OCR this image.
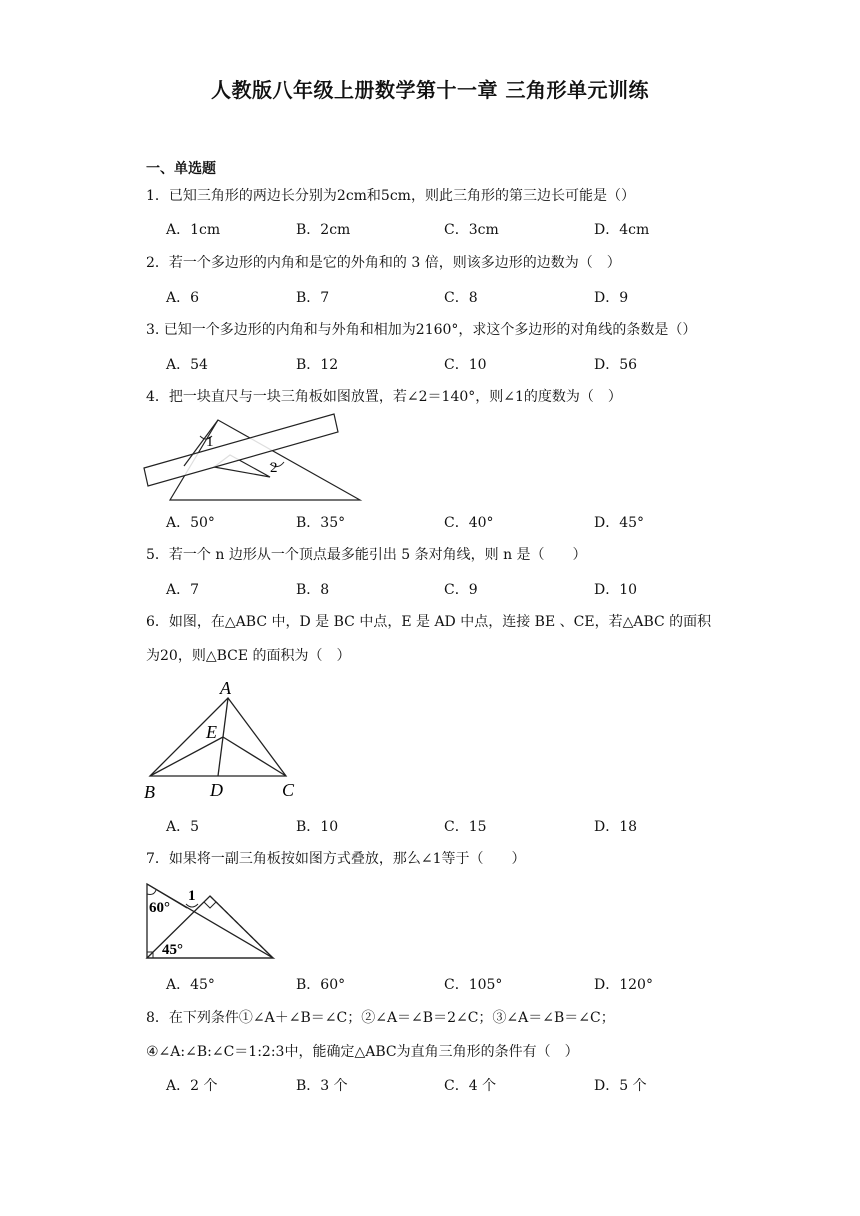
人教版八年级上册数学第十一章 三角形单元训练
一、单选题
1．已知三角形的两边长分别为2cm和5cm，则此三角形的第三边长可能是（）
A．1cm	B．2cm	C．3cm	D．4cm
2．若一个多边形的内角和是它的外角和的 3 倍，则该多边形的边数为（　）
A．6	B．7	C．8	D．9
3. 已知一个多边形的内角和与外角和相加为2160°，求这个多边形的对角线的条数是（）
A．54	B．12	C．10	D．56
4．把一块直尺与一块三角板如图放置，若∠2＝140°，则∠1的度数为（　）
1
2
A．50°	B．35°	C．40°	D．45°
5．若一个 n 边形从一个顶点最多能引出 5 条对角线，则 n 是（　　）
A．7	B．8	C．9	D．10
6．如图，在△ABC 中，D 是 BC 中点，E 是 AD 中点，连接 BE 、CE，若△ABC 的面积
为20，则△BCE 的面积为（　）
A
E
B	D	C
A．5	B．10	C．15	D．18
7．如果将一副三角板按如图方式叠放，那么∠1等于（　　）
1
60°
45°
A．45°	B．60°	C．105°	D．120°
8．在下列条件①∠A＋∠B＝∠C；②∠A＝∠B＝2∠C；③∠A＝∠B＝∠C；
④∠A:∠B:∠C＝1:2:3中，能确定△ABC为直角三角形的条件有（　）
A．2 个	B．3 个	C．4 个	D．5 个
